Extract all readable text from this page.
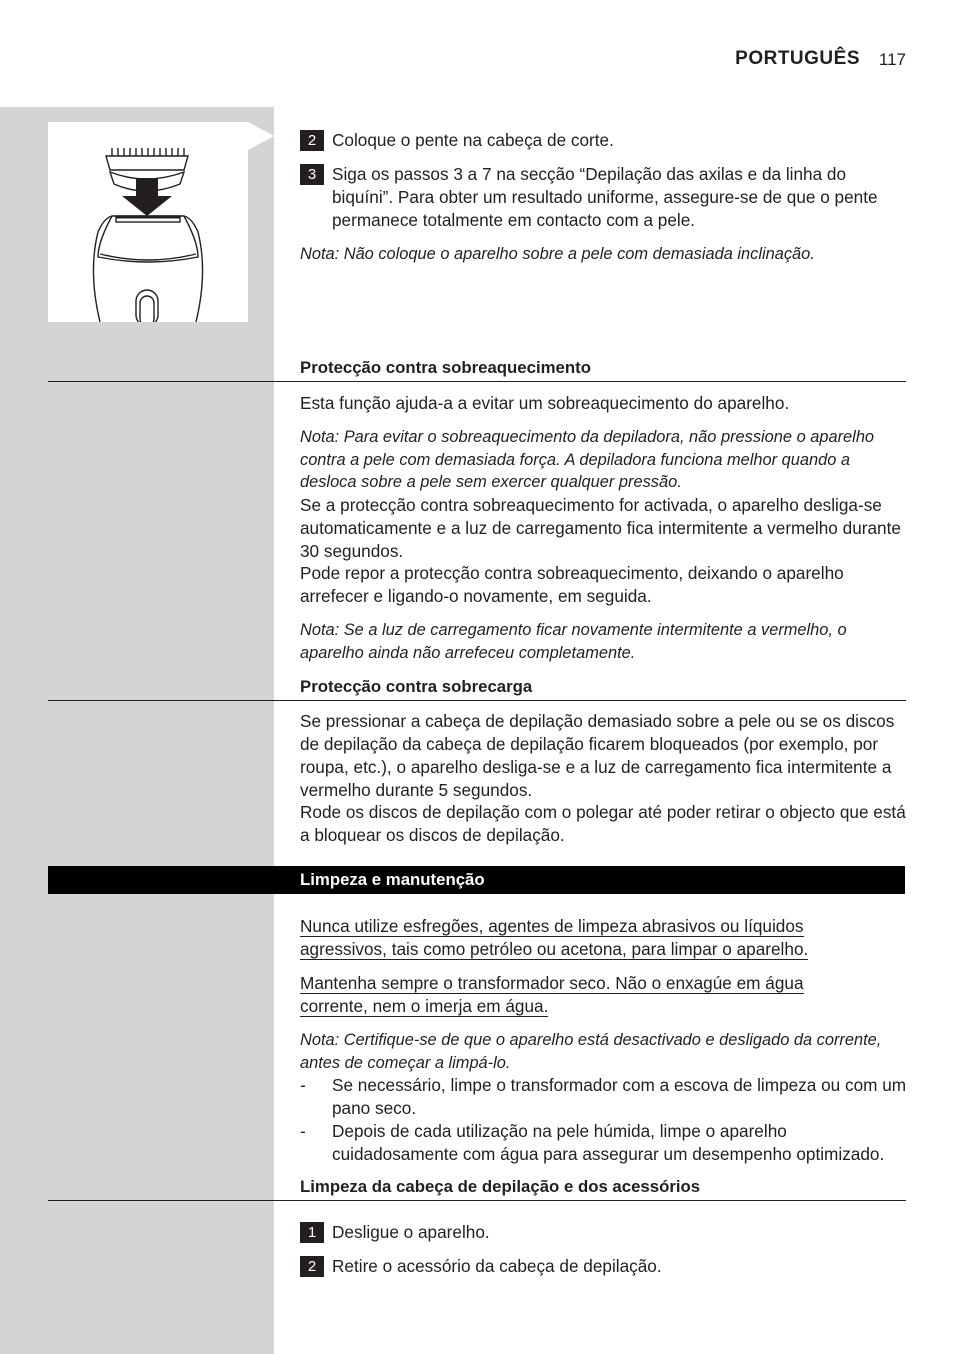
PORTUGUÊS 117
2 Coloque o pente na cabeça de corte.
3 Siga os passos 3 a 7 na secção “Depilação das axilas e da linha do biquíni”. Para obter um resultado uniforme, assegure-se de que o pente permanece totalmente em contacto com a pele.
Nota: Não coloque o aparelho sobre a pele com demasiada inclinação.
Protecção contra sobreaquecimento
Esta função ajuda-a a evitar um sobreaquecimento do aparelho.
Nota: Para evitar o sobreaquecimento da depiladora, não pressione o aparelho contra a pele com demasiada força. A depiladora funciona melhor quando a desloca sobre a pele sem exercer qualquer pressão.
Se a protecção contra sobreaquecimento for activada, o aparelho desliga-se automaticamente e a luz de carregamento fica intermitente a vermelho durante 30 segundos.
Pode repor a protecção contra sobreaquecimento, deixando o aparelho arrefecer e ligando-o novamente, em seguida.
Nota: Se a luz de carregamento ficar novamente intermitente a vermelho, o aparelho ainda não arrefeceu completamente.
Protecção contra sobrecarga
Se pressionar a cabeça de depilação demasiado sobre a pele ou se os discos de depilação da cabeça de depilação ficarem bloqueados (por exemplo, por roupa, etc.), o aparelho desliga-se e a luz de carregamento fica intermitente a vermelho durante 5 segundos.
Rode os discos de depilação com o polegar até poder retirar o objecto que está a bloquear os discos de depilação.
Limpeza e manutenção
Nunca utilize esfregões, agentes de limpeza abrasivos ou líquidos agressivos, tais como petróleo ou acetona, para limpar o aparelho.
Mantenha sempre o transformador seco. Não o enxagúe em água corrente, nem o imerja em água.
Nota: Certifique-se de que o aparelho está desactivado e desligado da corrente, antes de começar a limpá-lo.
- Se necessário, limpe o transformador com a escova de limpeza ou com um pano seco.
- Depois de cada utilização na pele húmida, limpe o aparelho cuidadosamente com água para assegurar um desempenho optimizado.
Limpeza da cabeça de depilação e dos acessórios
1 Desligue o aparelho.
2 Retire o acessório da cabeça de depilação.
